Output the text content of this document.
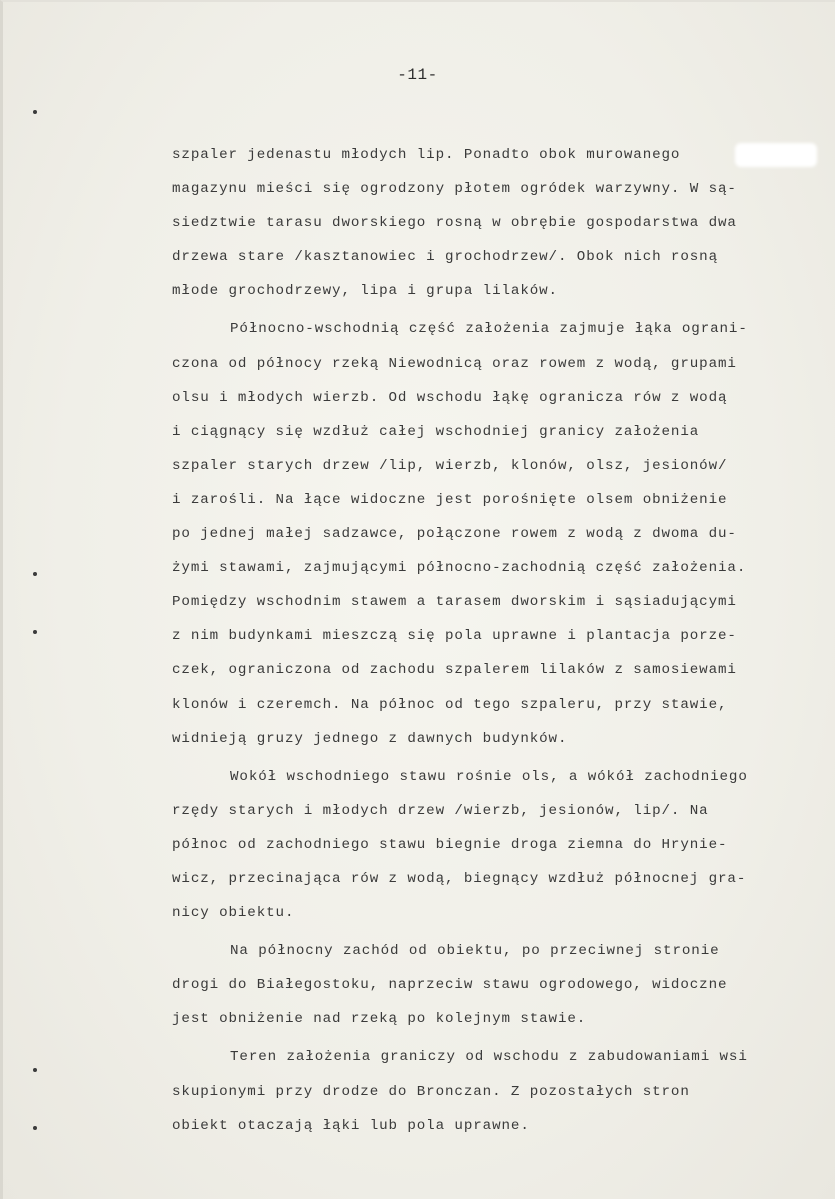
-11-
szpaler jedenastu młodych lip. Ponadto obok murowanego
magazynu mieści się ogrodzony płotem ogródek warzywny. W są-
siedztwie tarasu dworskiego rosną w obrębie gospodarstwa dwa
drzewa stare /kasztanowiec i grochodrzew/. Obok nich rosną
młode grochodrzewy, lipa i grupa lilaków.
Północno-wschodnią część założenia zajmuje łąka ograni-
czona od północy rzeką Niewodnicą oraz rowem z wodą, grupami
olsu i młodych wierzb. Od wschodu łąkę ogranicza rów z wodą
i ciągnący się wzdłuż całej wschodniej granicy założenia
szpaler starych drzew /lip, wierzb, klonów, olsz, jesionów/
i zarośli. Na łące widoczne jest porośnięte olsem obniżenie
po jednej małej sadzawce, połączone rowem z wodą z dwoma du-
żymi stawami, zajmującymi północno-zachodnią część założenia.
Pomiędzy wschodnim stawem a tarasem dworskim i sąsiadującymi
z nim budynkami mieszczą się pola uprawne i plantacja porze-
czek, ograniczona od zachodu szpalerem lilaków z samosiewami
klonów i czeremch. Na północ od tego szpaleru, przy stawie,
widnieją gruzy jednego z dawnych budynków.
Wokół wschodniego stawu rośnie ols, a wókół zachodniego
rzędy starych i młodych drzew /wierzb, jesionów, lip/. Na
północ od zachodniego stawu biegnie droga ziemna do Hrynie-
wicz, przecinająca rów z wodą, biegnący wzdłuż północnej gra-
nicy obiektu.
Na północny zachód od obiektu, po przeciwnej stronie
drogi do Białegostoku, naprzeciw stawu ogrodowego, widoczne
jest obniżenie nad rzeką po kolejnym stawie.
Teren założenia graniczy od wschodu z zabudowaniami wsi
skupionymi przy drodze do Bronczan. Z pozostałych stron
obiekt otaczają łąki lub pola uprawne.
